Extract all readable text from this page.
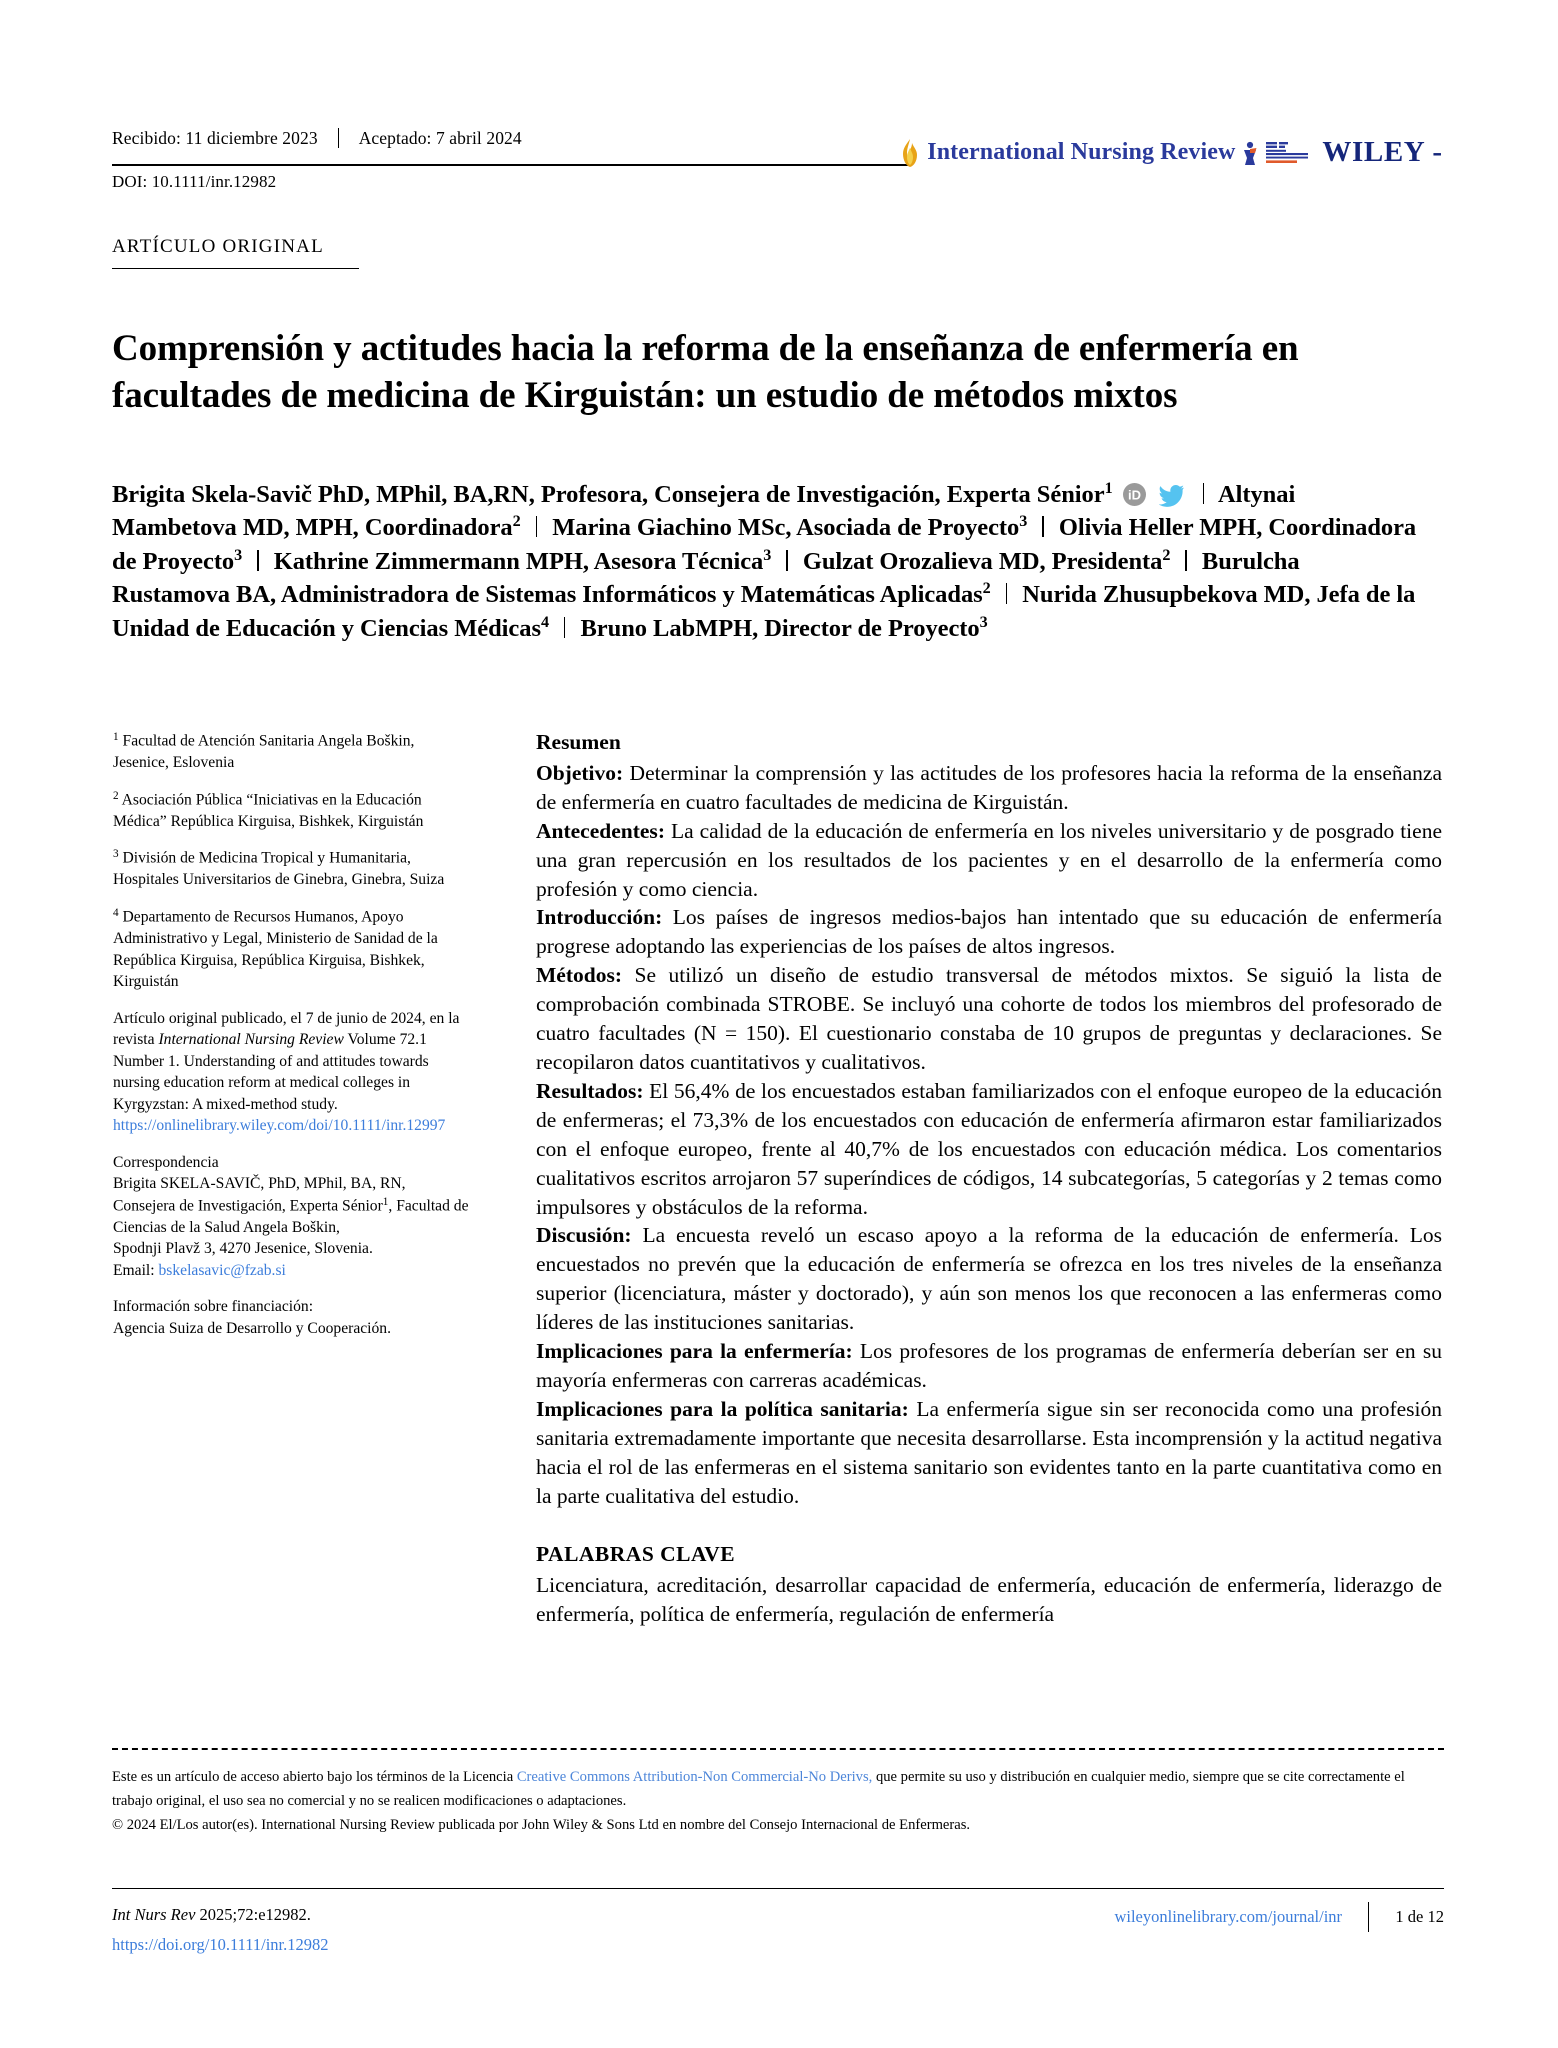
Recibido: 11 diciembre 2023 Aceptado: 7 abril 2024
International Nursing Review	WILEY -
DOI: 10.1111/inr.12982
ARTÍCULO ORIGINAL
Comprensión y actitudes hacia la reforma de la enseñanza de enfermería en facultades de medicina de Kirguistán: un estudio de métodos mixtos
Brigita Skela-Savič PhD, MPhil, BA,RN, Profesora, Consejera de Investigación, Experta Sénior$^1$ iD	Altynai Mambetova MD, MPH, Coordinadora$^2$ Marina Giachino MSc, Asociada de Proyecto$^3$ Olivia Heller MPH, Coordinadora de Proyecto$^3$ Kathrine Zimmermann MPH, Asesora Técnica$^3$ Gulzat Orozalieva MD, Presidenta$^2$ Burulcha Rustamova BA, Administradora de Sistemas Informáticos y Matemáticas Aplicadas$^2$ Nurida Zhusupbekova MD, Jefa de la Unidad de Educación y Ciencias Médicas$^4$ Bruno LabMPH, Director de Proyecto$^3$

$^1$ Facultad de Atención Sanitaria Angela Boškin, Jesenice, Eslovenia

$^2$ Asociación Pública “Iniciativas en la Educación Médica” República Kirguisa, Bishkek, Kirguistán

$^3$ División de Medicina Tropical y Humanitaria, Hospitales Universitarios de Ginebra, Ginebra, Suiza

$^4$ Departamento de Recursos Humanos, Apoyo Administrativo y Legal, Ministerio de Sanidad de la República Kirguisa, República Kirguisa, Bishkek, Kirguistán

Artículo original publicado, el 7 de junio de 2024, en la revista International Nursing Review Volume 72.1 Number 1. Understanding of and attitudes towards nursing education reform at medical colleges in Kyrgyzstan: A mixed-method study.
https://onlinelibrary.wiley.com/doi/10.1111/inr.12997

Correspondencia
Brigita SKELA-SAVIČ, PhD, MPhil, BA, RN,
Consejera de Investigación, Experta Sénior$^1$, Facultad de Ciencias de la Salud Angela Boškin,
Spodnji Plavž 3, 4270 Jesenice, Slovenia.
Email: bskelasavic@fzab.si

Información sobre financiación:
Agencia Suiza de Desarrollo y Cooperación.

Resumen

Objetivo: Determinar la comprensión y las actitudes de los profesores hacia la reforma de la enseñanza de enfermería en cuatro facultades de medicina de Kirguistán.

Antecedentes: La calidad de la educación de enfermería en los niveles universitario y de posgrado tiene una gran repercusión en los resultados de los pacientes y en el desarrollo de la enfermería como profesión y como ciencia.

Introducción: Los países de ingresos medios-bajos han intentado que su educación de enfermería progrese adoptando las experiencias de los países de altos ingresos.

Métodos: Se utilizó un diseño de estudio transversal de métodos mixtos. Se siguió la lista de comprobación combinada STROBE. Se incluyó una cohorte de todos los miembros del profesorado de cuatro facultades (N = 150). El cuestionario constaba de 10 grupos de preguntas y declaraciones. Se recopilaron datos cuantitativos y cualitativos.

Resultados: El 56,4% de los encuestados estaban familiarizados con el enfoque europeo de la educación de enfermeras; el 73,3% de los encuestados con educación de enfermería afirmaron estar familiarizados con el enfoque europeo, frente al 40,7% de los encuestados con educación médica. Los comentarios cualitativos escritos arrojaron 57 superíndices de códigos, 14 subcategorías, 5 categorías y 2 temas como impulsores y obstáculos de la reforma.

Discusión: La encuesta reveló un escaso apoyo a la reforma de la educación de enfermería. Los encuestados no prevén que la educación de enfermería se ofrezca en los tres niveles de la enseñanza superior (licenciatura, máster y doctorado), y aún son menos los que reconocen a las enfermeras como líderes de las instituciones sanitarias.

Implicaciones para la enfermería: Los profesores de los programas de enfermería deberían ser en su mayoría enfermeras con carreras académicas.

Implicaciones para la política sanitaria: La enfermería sigue sin ser reconocida como una profesión sanitaria extremadamente importante que necesita desarrollarse. Esta incomprensión y la actitud negativa hacia el rol de las enfermeras en el sistema sanitario son evidentes tanto en la parte cuantitativa como en la parte cualitativa del estudio.

PALABRAS CLAVE

Licenciatura, acreditación, desarrollar capacidad de enfermería, educación de enfermería, liderazgo de enfermería, política de enfermería, regulación de enfermería

Este es un artículo de acceso abierto bajo los términos de la Licencia Creative Commons Attribution-Non Commercial-No Derivs, que permite su uso y distribución en cualquier medio, siempre que se cite correctamente el trabajo original, el uso sea no comercial y no se realicen modificaciones o adaptaciones.
© 2024 El/Los autor(es). International Nursing Review publicada por John Wiley & Sons Ltd en nombre del Consejo Internacional de Enfermeras.
Int Nurs Rev 2025;72:e12982.
https://doi.org/10.1111/inr.12982
wileyonlinelibrary.com/journal/inr	1 de 12
